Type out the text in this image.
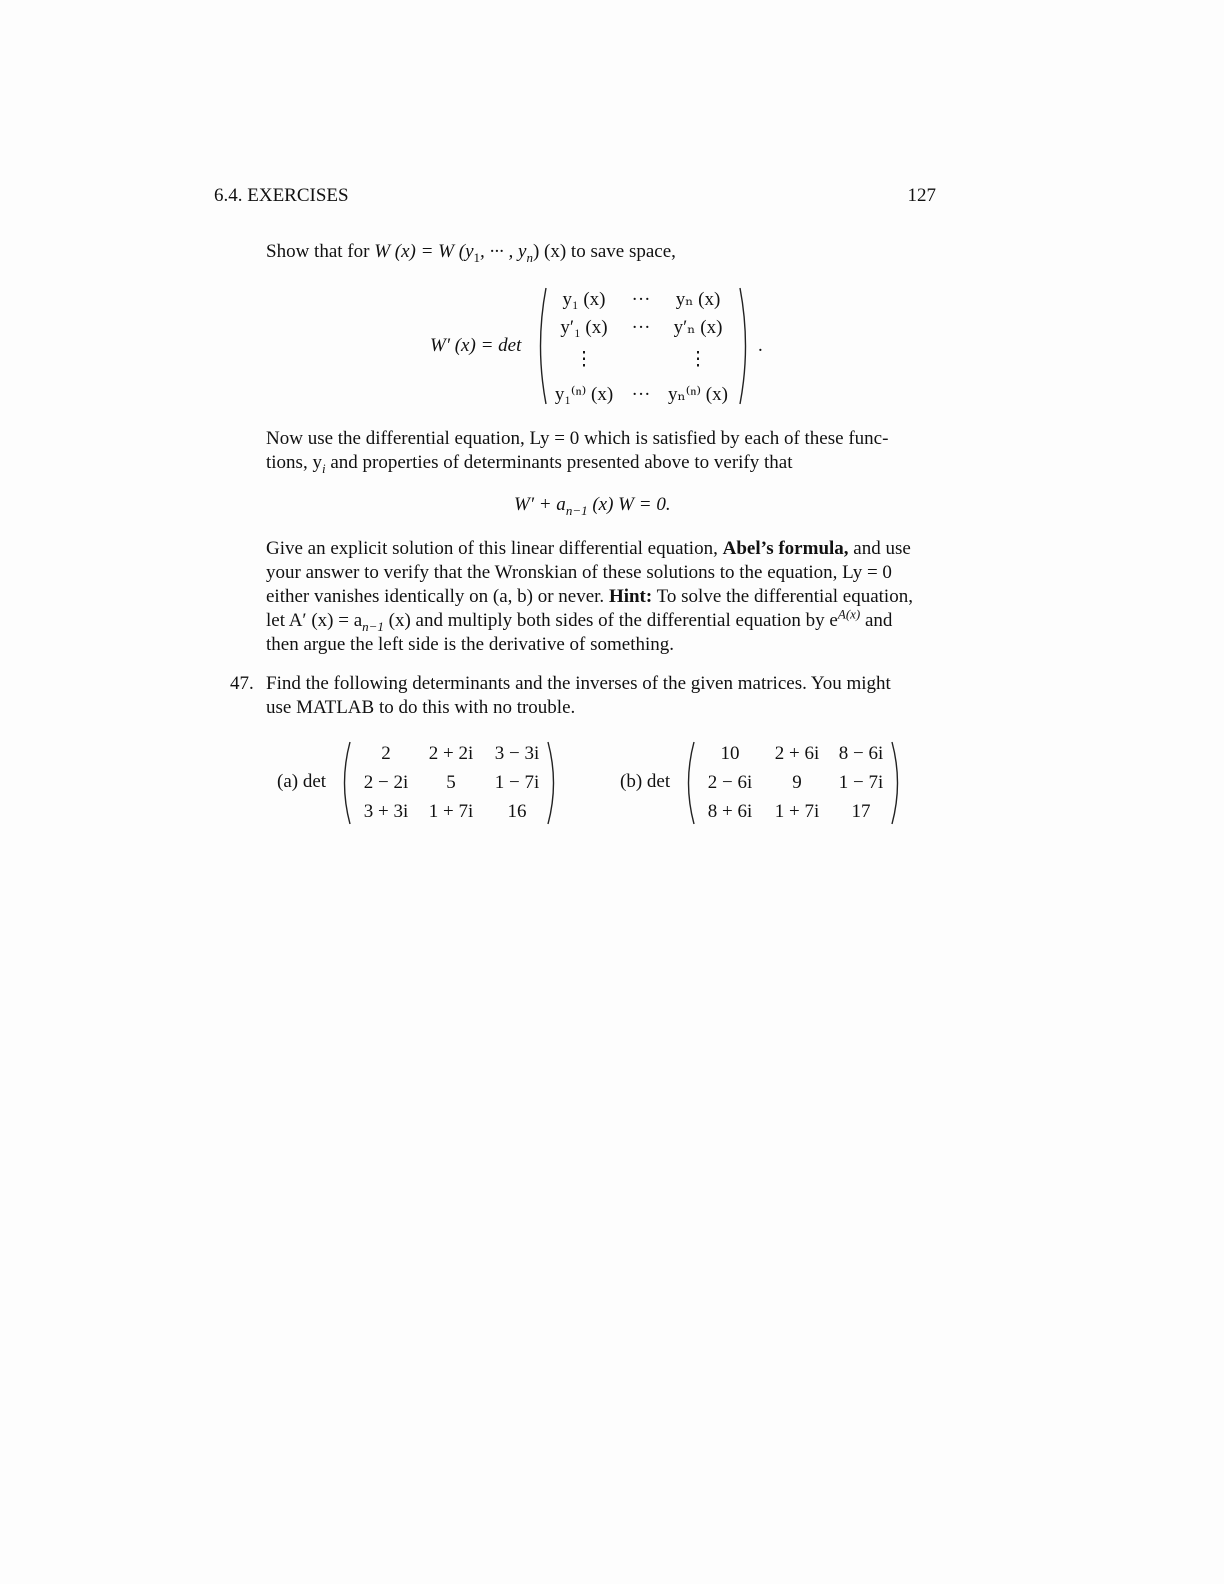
6.4. EXERCISES	127
Show that for W (x) = W ($y_1$, ··· , $y_n$) (x) to save space,
W′ (x) = det
y₁ (x)	···	yₙ (x)
y′₁ (x) ··· y′ₙ (x)
⋮	⋮
y₁⁽ⁿ⁾ (x) ··· yₙ⁽ⁿ⁾ (x)
.

Now use the differential equation, Ly = 0 which is satisfied by each of these func-

tions, $y_i$ and properties of determinants presented above to verify that

$W' + a_{n-1}$ (x) W = 0.

Give an explicit solution of this linear differential equation, Abel’s formula, and use

your answer to verify that the Wronskian of these solutions to the equation, Ly = 0

either vanishes identically on (a, b) or never. Hint: To solve the differential equation,

let A′ $(x) = a_{n-1}$ (x) and multiply both sides of the differential equation by $e^{A(x)}$ and

then argue the left side is the derivative of something.

47. Find the following determinants and the inverses of the given matrices. You might

use MATLAB to do this with no trouble.

(a) det
2	2 + 2i	3 − 3i
2 − 2i	5	1 − 7i
3 + 3i	1 + 7i	16
(b) det
10	2 + 6i	8 − 6i
2 − 6i	9	1 − 7i
8 + 6i	1 + 7i	17
